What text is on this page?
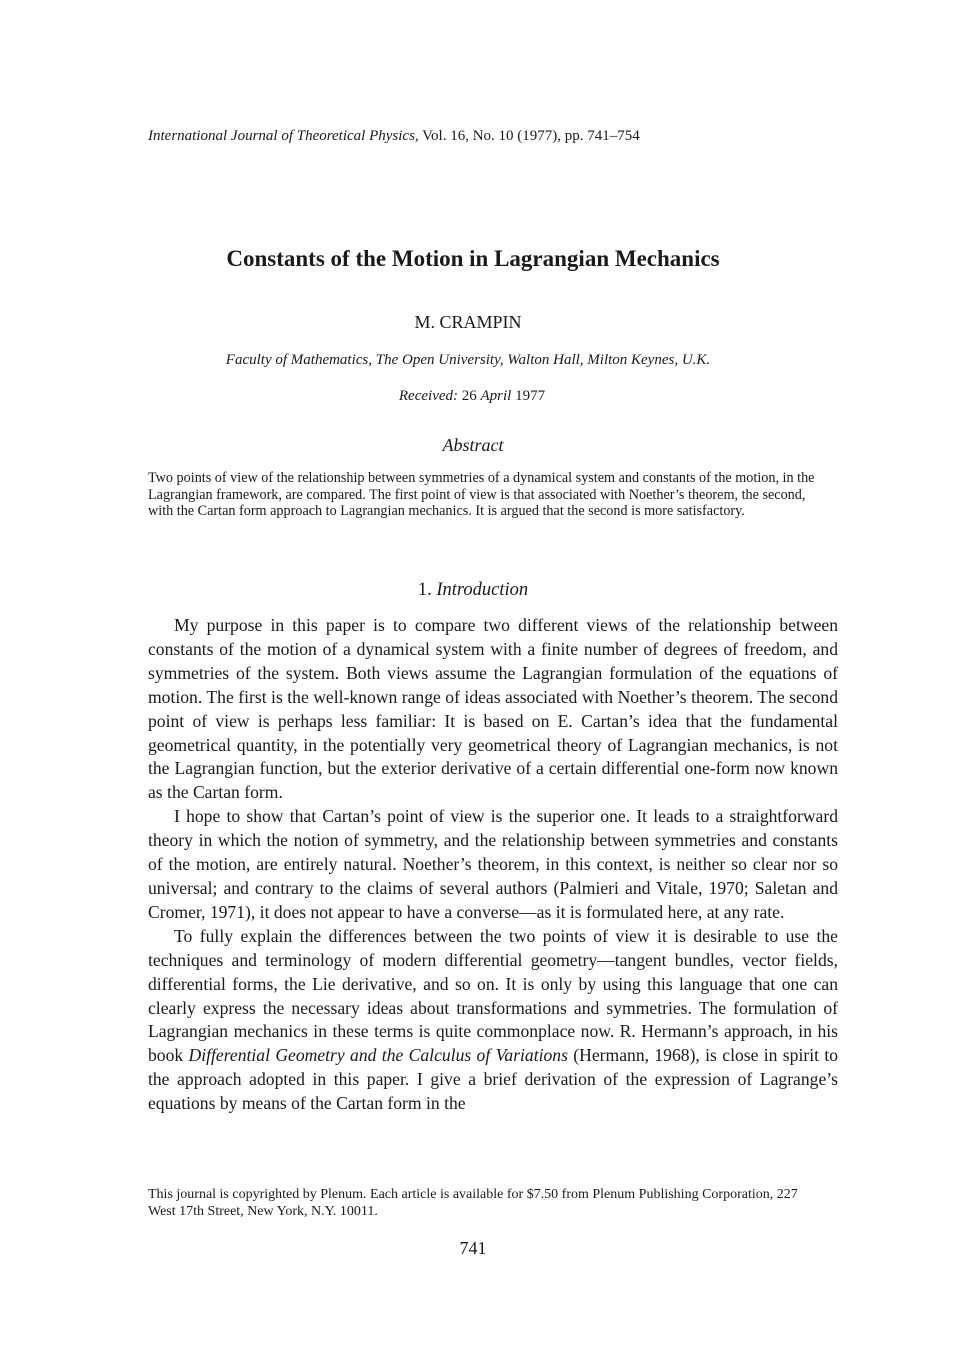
International Journal of Theoretical Physics, Vol. 16, No. 10 (1977), pp. 741–754
Constants of the Motion in Lagrangian Mechanics
M. CRAMPIN
Faculty of Mathematics, The Open University, Walton Hall, Milton Keynes, U.K.
Received: 26 April 1977
Abstract
Two points of view of the relationship between symmetries of a dynamical system and constants of the motion, in the Lagrangian framework, are compared. The first point of view is that associated with Noether’s theorem, the second, with the Cartan form approach to Lagrangian mechanics. It is argued that the second is more satisfactory.
1. Introduction

My purpose in this paper is to compare two different views of the relationship between constants of the motion of a dynamical system with a finite number of degrees of freedom, and symmetries of the system. Both views assume the Lagrangian formulation of the equations of motion. The first is the well-known range of ideas associated with Noether’s theorem. The second point of view is perhaps less familiar: It is based on E. Cartan’s idea that the fundamental geometrical quantity, in the potentially very geometrical theory of Lagrangian mechanics, is not the Lagrangian function, but the exterior derivative of a certain differential one-form now known as the Cartan form.

I hope to show that Cartan’s point of view is the superior one. It leads to a straightforward theory in which the notion of symmetry, and the relationship between symmetries and constants of the motion, are entirely natural. Noether’s theorem, in this context, is neither so clear nor so universal; and contrary to the claims of several authors (Palmieri and Vitale, 1970; Saletan and Cromer, 1971), it does not appear to have a converse—as it is formulated here, at any rate.

To fully explain the differences between the two points of view it is desirable to use the techniques and terminology of modern differential geometry—tangent bundles, vector fields, differential forms, the Lie derivative, and so on. It is only by using this language that one can clearly express the necessary ideas about transformations and symmetries. The formulation of Lagrangian mechanics in these terms is quite commonplace now. R. Hermann’s approach, in his book Differential Geometry and the Calculus of Variations (Hermann, 1968), is close in spirit to the approach adopted in this paper. I give a brief derivation of the expression of Lagrange’s equations by means of the Cartan form in the

This journal is copyrighted by Plenum. Each article is available for $7.50 from Plenum Publishing Corporation, 227 West 17th Street, New York, N.Y. 10011.
741
